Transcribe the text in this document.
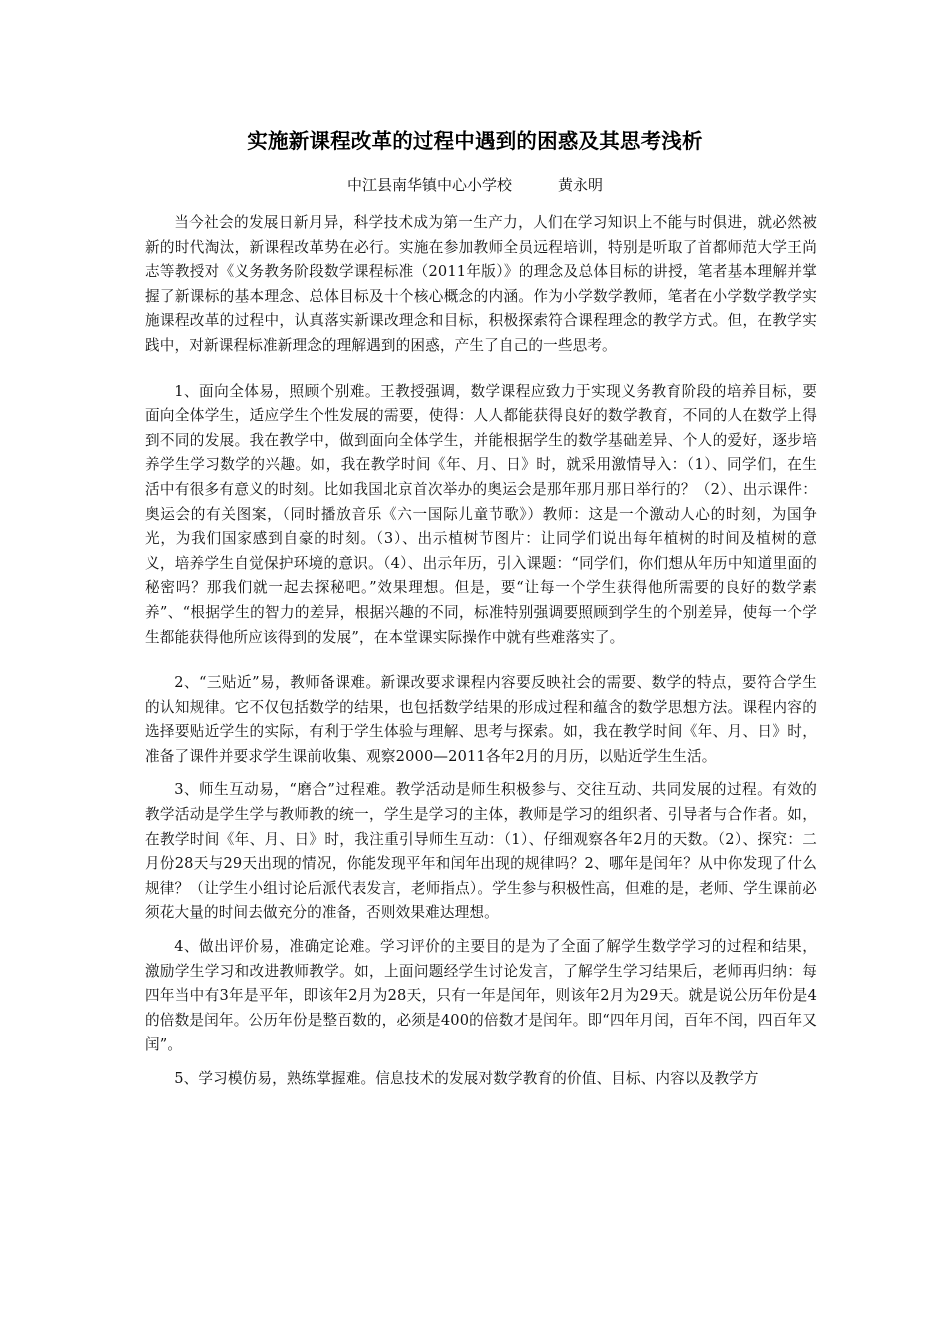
实施新课程改革的过程中遇到的困惑及其思考浅析
中江县南华镇中心小学校	黄永明

当今社会的发展日新月异，科学技术成为第一生产力，人们在学习知识上不能与时俱进，就必然被新的时代淘汰，新课程改革势在必行。实施在参加教师全员远程培训，特别是听取了首都师范大学王尚志等教授对《义务教务阶段数学课程标准（2011年版）》的理念及总体目标的讲授，笔者基本理解并掌握了新课标的基本理念、总体目标及十个核心概念的内涵。作为小学数学教师，笔者在小学数学教学实施课程改革的过程中，认真落实新课改理念和目标，积极探索符合课程理念的教学方式。但，在教学实践中，对新课程标准新理念的理解遇到的困惑，产生了自己的一些思考。

1、面向全体易，照顾个别难。王教授强调，数学课程应致力于实现义务教育阶段的培养目标，要面向全体学生，适应学生个性发展的需要，使得：人人都能获得良好的数学教育，不同的人在数学上得到不同的发展。我在教学中，做到面向全体学生，并能根据学生的数学基础差异、个人的爱好，逐步培养学生学习数学的兴趣。如，我在教学时间《年、月、日》时，就采用激情导入：（1）、同学们，在生活中有很多有意义的时刻。比如我国北京首次举办的奥运会是那年那月那日举行的？（2）、出示课件：奥运会的有关图案，（同时播放音乐《六一国际儿童节歌》）教师：这是一个激动人心的时刻，为国争光，为我们国家感到自豪的时刻。（3）、出示植树节图片：让同学们说出每年植树的时间及植树的意义，培养学生自觉保护环境的意识。（4）、出示年历，引入课题：“同学们，你们想从年历中知道里面的秘密吗？那我们就一起去探秘吧。”效果理想。但是，要“让每一个学生获得他所需要的良好的数学素养”、“根据学生的智力的差异，根据兴趣的不同，标准特别强调要照顾到学生的个别差异，使每一个学生都能获得他所应该得到的发展”，在本堂课实际操作中就有些难落实了。

2、“三贴近”易，教师备课难。新课改要求课程内容要反映社会的需要、数学的特点，要符合学生的认知规律。它不仅包括数学的结果，也包括数学结果的形成过程和蕴含的数学思想方法。课程内容的选择要贴近学生的实际，有利于学生体验与理解、思考与探索。如，我在教学时间《年、月、日》时，准备了课件并要求学生课前收集、观察2000—2011各年2月的月历，以贴近学生生活。

3、师生互动易，“磨合”过程难。教学活动是师生积极参与、交往互动、共同发展的过程。有效的教学活动是学生学与教师教的统一，学生是学习的主体，教师是学习的组织者、引导者与合作者。如，在教学时间《年、月、日》时，我注重引导师生互动：（1）、仔细观察各年2月的天数。（2）、探究：二月份28天与29天出现的情况，你能发现平年和闰年出现的规律吗？2、哪年是闰年？从中你发现了什么规律？（让学生小组讨论后派代表发言，老师指点）。学生参与积极性高，但难的是，老师、学生课前必须花大量的时间去做充分的准备，否则效果难达理想。

4、做出评价易，准确定论难。学习评价的主要目的是为了全面了解学生数学学习的过程和结果，激励学生学习和改进教师教学。如，上面问题经学生讨论发言，了解学生学习结果后，老师再归纳：每四年当中有3年是平年，即该年2月为28天，只有一年是闰年，则该年2月为29天。就是说公历年份是4的倍数是闰年。公历年份是整百数的，必须是400的倍数才是闰年。即“四年月闰，百年不闰，四百年又闰”。

5、学习模仿易，熟练掌握难。信息技术的发展对数学教育的价值、目标、内容以及教学方
